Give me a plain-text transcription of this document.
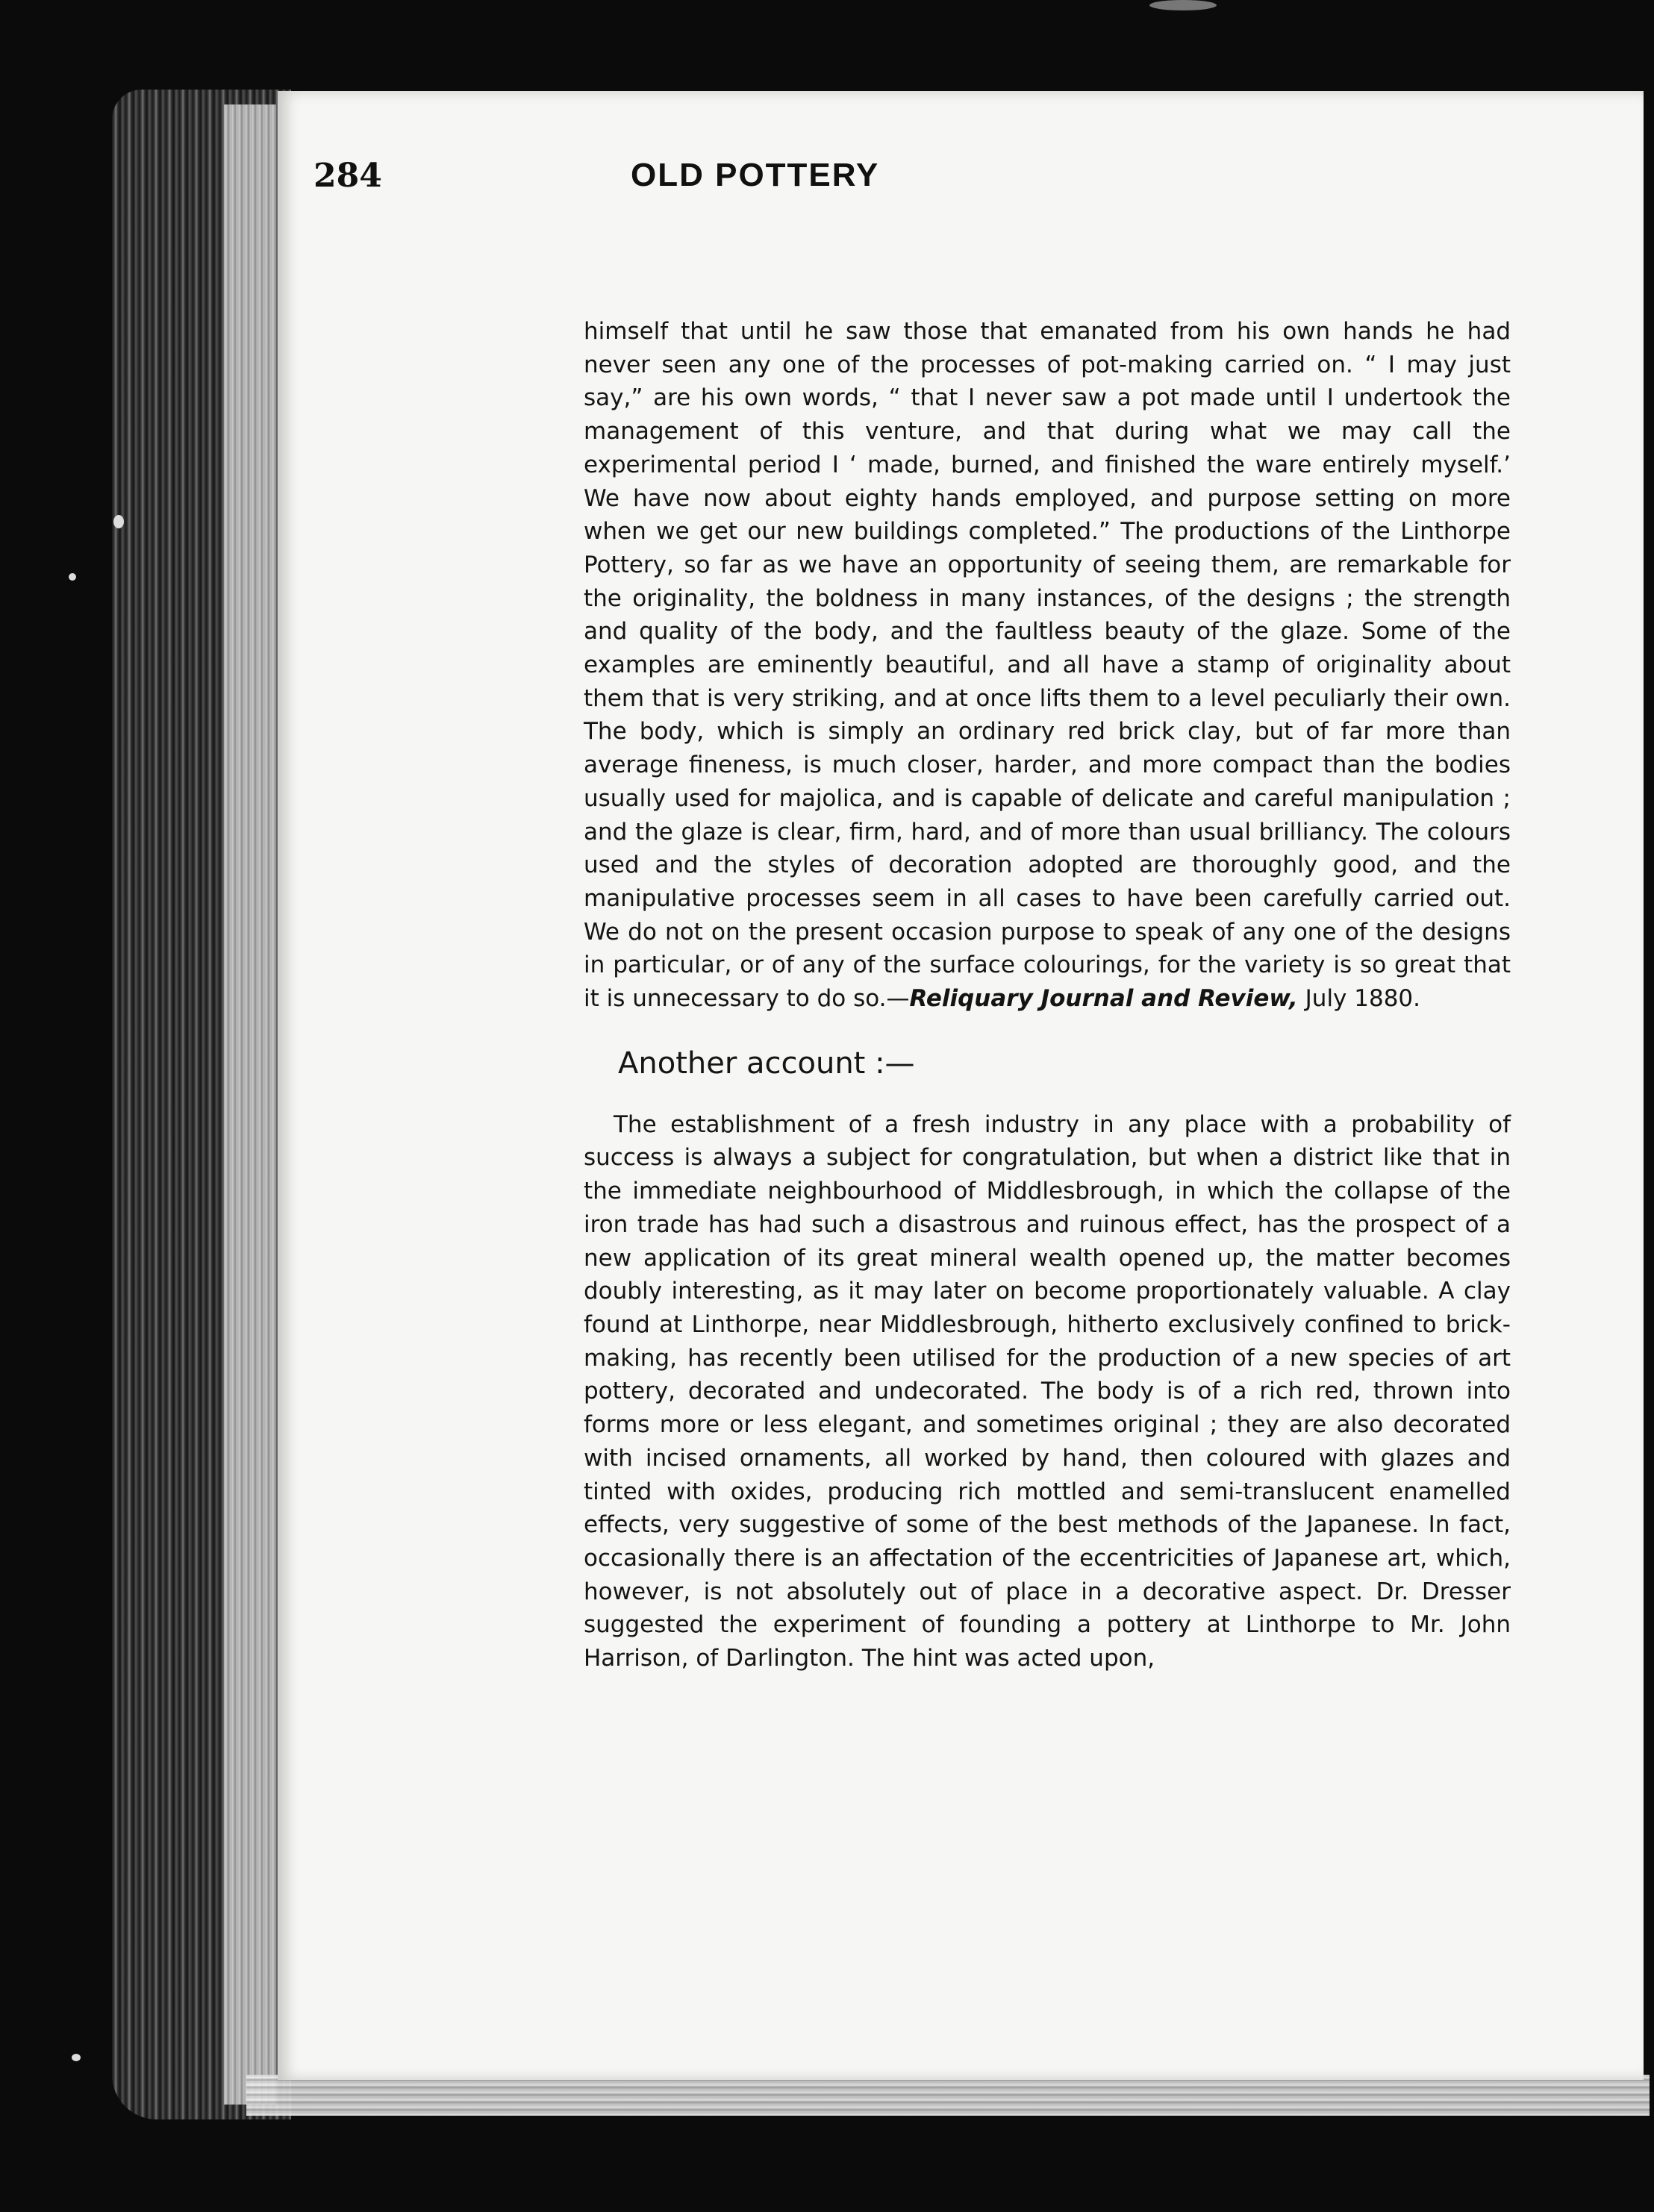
284	OLD POTTERY

himself that until he saw those that emanated from his own hands he had never seen any one of the processes of pot-making carried on. “ I may just say,” are his own words, “ that I never saw a pot made until I undertook the management of this venture, and that during what we may call the experimental period I ‘ made, burned, and finished the ware entirely myself.’ We have now about eighty hands employed, and purpose setting on more when we get our new buildings completed.” The productions of the Linthorpe Pottery, so far as we have an opportunity of seeing them, are remarkable for the originality, the boldness in many instances, of the designs ; the strength and quality of the body, and the faultless beauty of the glaze. Some of the examples are eminently beautiful, and all have a stamp of originality about them that is very striking, and at once lifts them to a level peculiarly their own. The body, which is simply an ordinary red brick clay, but of far more than average fineness, is much closer, harder, and more compact than the bodies usually used for majolica, and is capable of delicate and careful manipulation ; and the glaze is clear, firm, hard, and of more than usual brilliancy. The colours used and the styles of decoration adopted are thoroughly good, and the manipulative processes seem in all cases to have been carefully carried out. We do not on the present occasion purpose to speak of any one of the designs in particular, or of any of the surface colourings, for the variety is so great that it is unnecessary to do so.—Reliquary Journal and Review, July 1880.

Another account :—

The establishment of a fresh industry in any place with a probability of success is always a subject for congratulation, but when a district like that in the immediate neighbourhood of Middlesbrough, in which the collapse of the iron trade has had such a disastrous and ruinous effect, has the prospect of a new application of its great mineral wealth opened up, the matter becomes doubly interesting, as it may later on become proportionately valuable. A clay found at Linthorpe, near Middlesbrough, hitherto exclusively confined to brick-making, has recently been utilised for the production of a new species of art pottery, decorated and undecorated. The body is of a rich red, thrown into forms more or less elegant, and sometimes original ; they are also decorated with incised ornaments, all worked by hand, then coloured with glazes and tinted with oxides, producing rich mottled and semi-translucent enamelled effects, very suggestive of some of the best methods of the Japanese. In fact, occasionally there is an affectation of the eccentricities of Japanese art, which, however, is not absolutely out of place in a decorative aspect. Dr. Dresser suggested the experiment of founding a pottery at Linthorpe to Mr. John Harrison, of Darlington. The hint was acted upon,
